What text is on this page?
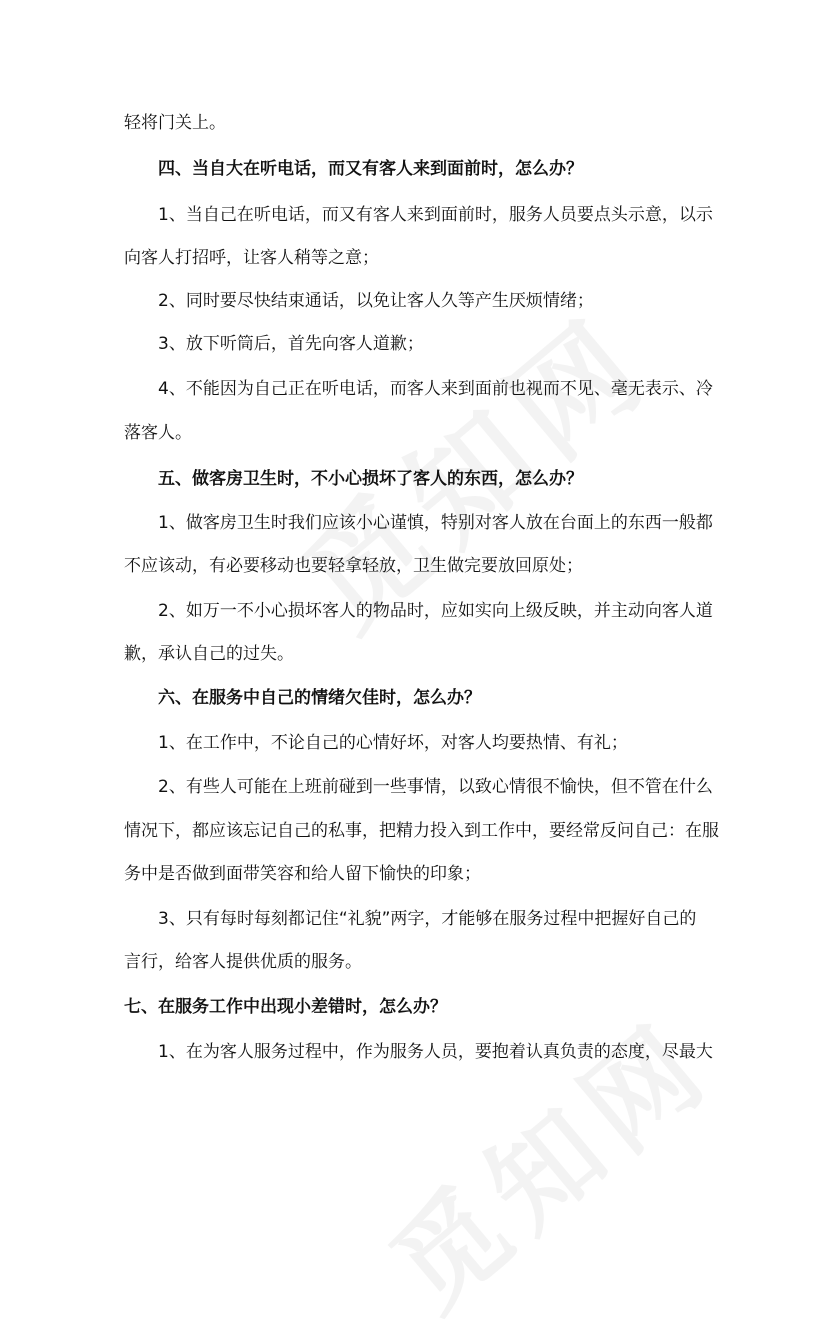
轻将门关上。
四、当自大在听电话，而又有客人来到面前时，怎么办？
1、当自己在听电话，而又有客人来到面前时，服务人员要点头示意，以示
向客人打招呼，让客人稍等之意；
2、同时要尽快结束通话，以免让客人久等产生厌烦情绪；
3、放下听筒后，首先向客人道歉；
4、不能因为自己正在听电话，而客人来到面前也视而不见、毫无表示、冷
落客人。
五、做客房卫生时，不小心损坏了客人的东西，怎么办？
1、做客房卫生时我们应该小心谨慎，特别对客人放在台面上的东西一般都
不应该动，有必要移动也要轻拿轻放，卫生做完要放回原处；
2、如万一不小心损坏客人的物品时，应如实向上级反映，并主动向客人道
歉，承认自己的过失。
六、在服务中自己的情绪欠佳时，怎么办？
1、在工作中，不论自己的心情好坏，对客人均要热情、有礼；
2、有些人可能在上班前碰到一些事情，以致心情很不愉快，但不管在什么
情况下，都应该忘记自己的私事，把精力投入到工作中，要经常反问自己：在服
务中是否做到面带笑容和给人留下愉快的印象；
3、只有每时每刻都记住“礼貌”两字，才能够在服务过程中把握好自己的
言行，给客人提供优质的服务。
七、在服务工作中出现小差错时，怎么办？
1、在为客人服务过程中，作为服务人员，要抱着认真负责的态度，尽最大
